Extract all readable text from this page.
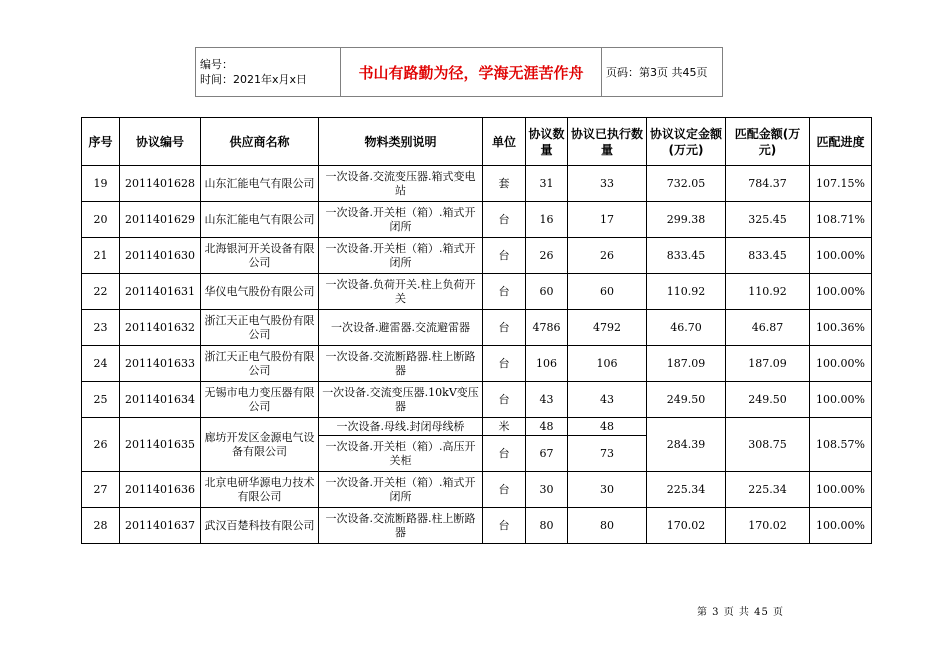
编号：
时间：2021年x月x日	书山有路勤为径，学海无涯苦作舟	页码：第3页 共45页
序号	协议编号	供应商名称	物料类别说明	单位	协议数量	协议已执行数量	协议议定金额(万元)	匹配金额(万元)	匹配进度
19	2011401628	山东汇能电气有限公司	一次设备.交流变压器.箱式变电站	套	31	33	732.05	784.37	107.15%
20	2011401629	山东汇能电气有限公司	一次设备.开关柜（箱）.箱式开闭所	台	16	17	299.38	325.45	108.71%
21	2011401630	北海银河开关设备有限公司	一次设备.开关柜（箱）.箱式开闭所	台	26	26	833.45	833.45	100.00%
22	2011401631	华仪电气股份有限公司	一次设备.负荷开关.柱上负荷开关	台	60	60	110.92	110.92	100.00%
23	2011401632	浙江天正电气股份有限公司	一次设备.避雷器.交流避雷器	台	4786	4792	46.70	46.87	100.36%
24	2011401633	浙江天正电气股份有限公司	一次设备.交流断路器.柱上断路器	台	106	106	187.09	187.09	100.00%
25	2011401634	无锡市电力变压器有限公司	一次设备.交流变压器.10kV变压器	台	43	43	249.50	249.50	100.00%
26	2011401635	廊坊开发区金源电气设备有限公司	一次设备.母线.封闭母线桥	米	48	48	284.39	308.75	108.57%
			一次设备.开关柜（箱）.高压开关柜	台	67	73			
27	2011401636	北京电研华源电力技术有限公司	一次设备.开关柜（箱）.箱式开闭所	台	30	30	225.34	225.34	100.00%
28	2011401637	武汉百楚科技有限公司	一次设备.交流断路器.柱上断路器	台	80	80	170.02	170.02	100.00%
第 3 页 共 45 页
